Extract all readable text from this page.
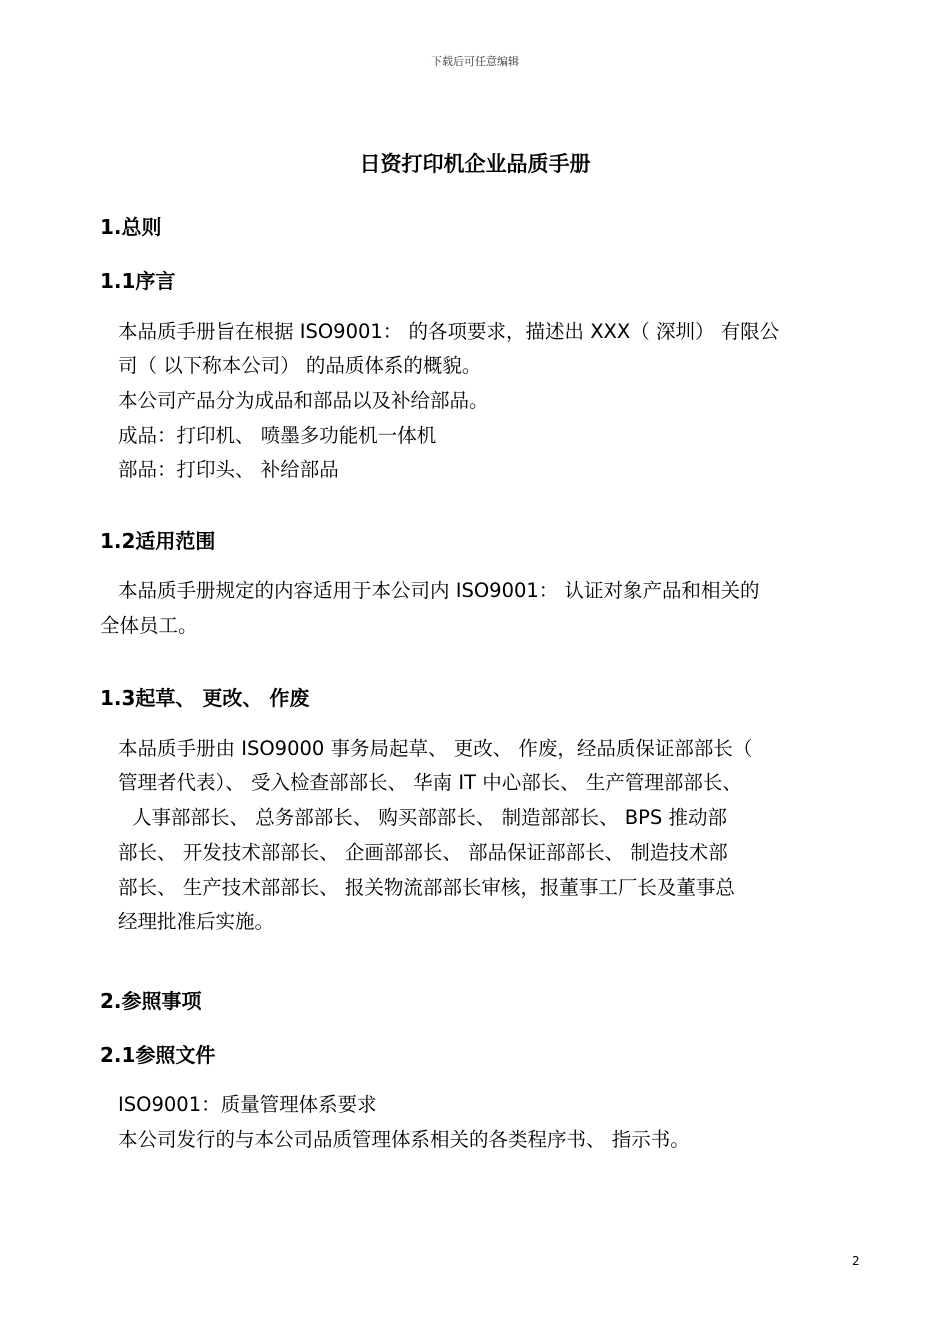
下载后可任意编辑
日资打印机企业品质手册
1.总则
1.1序言
本品质手册旨在根据 ISO9001： 的各项要求，描述出 XXX（ 深圳） 有限公
司（ 以下称本公司） 的品质体系的概貌。
本公司产品分为成品和部品以及补给部品。
成品：打印机、 喷墨多功能机一体机
部品：打印头、 补给部品
1.2适用范围
本品质手册规定的内容适用于本公司内 ISO9001： 认证对象产品和相关的
全体员工。
1.3起草、 更改、 作废
本品质手册由 ISO9000 事务局起草、 更改、 作废，经品质保证部部长（
管理者代表）、 受入检查部部长、 华南 IT 中心部长、 生产管理部部长、
人事部部长、 总务部部长、 购买部部长、 制造部部长、 BPS 推动部
部长、 开发技术部部长、 企画部部长、 部品保证部部长、 制造技术部
部长、 生产技术部部长、 报关物流部部长审核，报董事工厂长及董事总
经理批准后实施。
2.参照事项
2.1参照文件
ISO9001：质量管理体系要求
本公司发行的与本公司品质管理体系相关的各类程序书、 指示书。
2
